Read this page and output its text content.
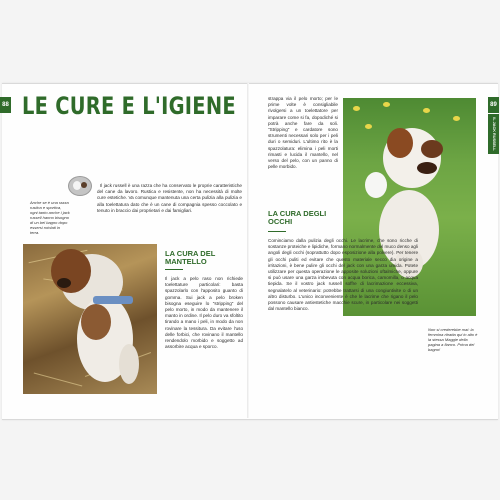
88	89
IL JACK RUSSELL
LE CURE E L'IGIENE
Anche se è una razza rustica e sportiva, ogni tanto anche i jack russell hanno bisogno di un bel bagno dopo essersi rotolati in terra.
Il jack russell è una razza che ha conservato le proprie caratteristiche del cane da lavoro. Rustica e resistente, non ha necessità di molte cure estetiche. Va comunque mantenuta una certa pulizia alla pulizia e alla toelettatura dato che è un cane di compagnia spesso coccolato e tenuto in braccio dai proprietari e dai famigliari.
LA CURA DEL MANTELLO
Il jack a pelo raso non richiede toelettature particolari: basta spazzolarlo con l'apposito guanto di gomma. Sui jack a pelo broken bisogna eseguire lo "stripping" del pelo morto, in modo da mantenere il manto in ordine. Il pelo duro va sfoltito tirando a mano i peli, in modo da non rovinare la tessitura. Da evitare l'uso delle forbici, che rovinano il mantello rendendolo morbido e soggetto ad assorbire acqua e sporco.
strappa via il pelo morto; per le prime volte è consigliabile rivolgersi a un toelettatore per imparare come si fa, dopodiché si potrà anche fare da soli. "Stripping" e cardatore sono strumenti necessari solo per i peli duri o semiduri. L'ultimo rito è la spazzolatura: elimina i peli morti rimasti e lucida il mantello, nel verso del pelo, con un panno di pelle morbido.
LA CURA DEGLI OCCHI
Cominciamo dalla pulizia degli occhi. Le lacrime, che sono ricche di sostanze proteiche e lipidiche, formano normalmente del muco denso agli angoli degli occhi (soprattutto dopo esposizione alla polvere). Per tenere gli occhi puliti ed evitare che questo materiale secco dia origine a irritazioni, è bene pulire gli occhi del jack con una garza umida. Potete utilizzare per questa operazione le apposite soluzioni oftalmiche, oppure si può usare una garza imbevuta con acqua borica, camomilla, o acqua tiepida. Se il vostro jack russell soffre di lacrimazione eccessiva, segnalatelo al veterinario: potrebbe trattarsi di una congiuntivite o di un altro disturbo. L'unico inconveniente è che le lacrime che rigano il pelo possono causare antiestetiche macchie scure, in particolare nei soggetti dal mantello bianco.
Non si crederebbe mai: la femmina ritratta qui in alto è la stessa Maggie della pagina a fianco. Prima del bagno!
